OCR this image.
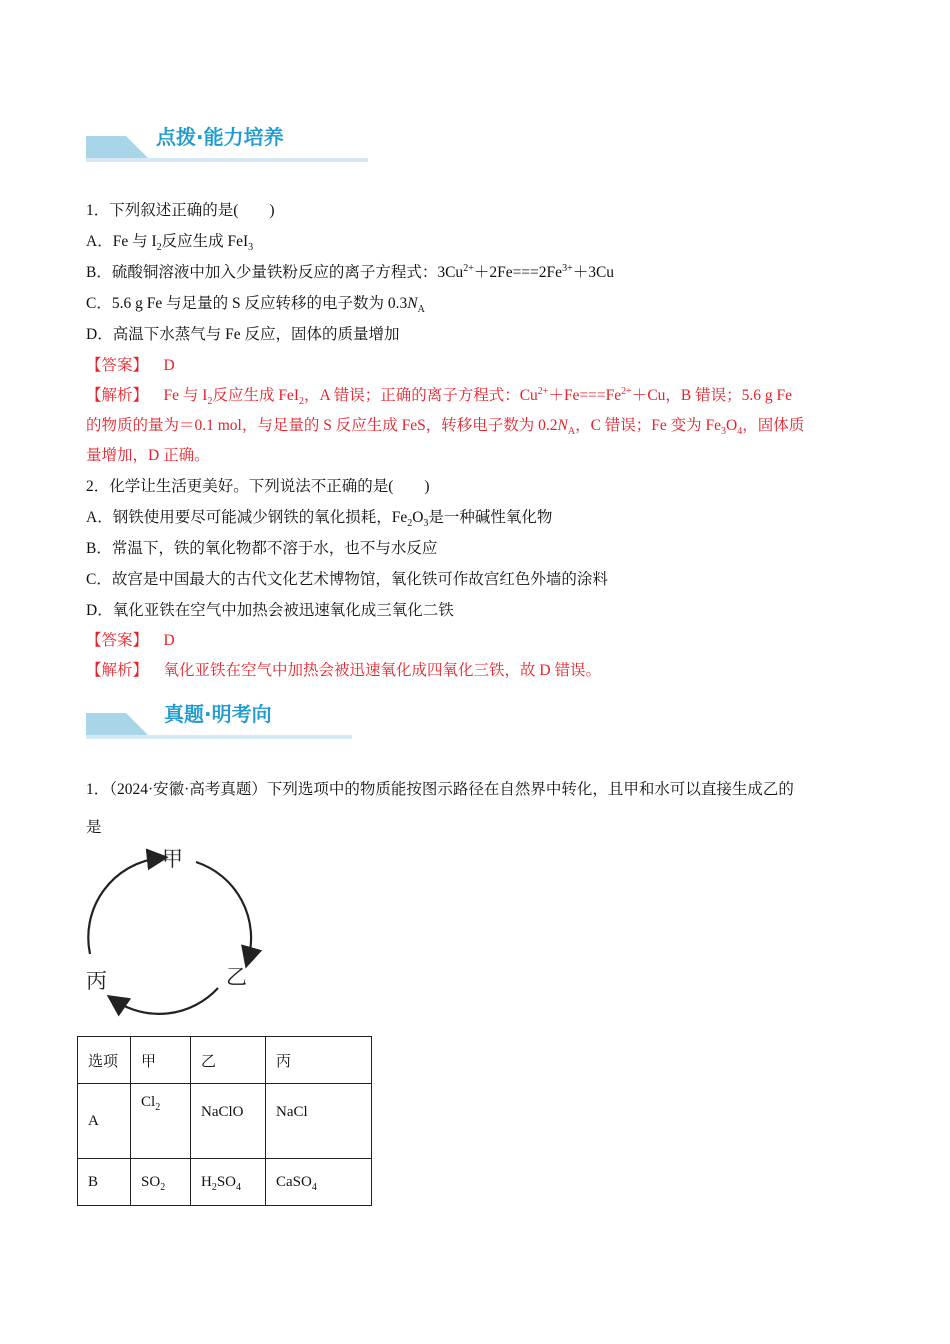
点拨·能力培养
1．下列叙述正确的是(　　)
A．Fe 与 $I_2$反应生成 FeI$_3$
B．硫酸铜溶液中加入少量铁粉反应的离子方程式：$3Cu^{2+}+2Fe===2Fe^{3+}+3Cu$
C．5.6 g Fe 与足量的 S 反应转移的电子数为 $0.3N_A$
D．高温下水蒸气与 Fe 反应，固体的质量增加
【答案】 D
【解析】 Fe 与 $I_2$反应生成 FeI$_2$，A 错误；正确的离子方程式：$Cu^{2+}+Fe===Fe^{2+}+Cu$，B 错误；5.6 g Fe
的物质的量为＝0.1 mol，与足量的 S 反应生成 FeS，转移电子数为 $0.2N_A$，C 错误；Fe 变为 $Fe_3O_4$，固体质
量增加，D 正确。
2．化学让生活更美好。下列说法不正确的是(　　)
A．钢铁使用要尽可能减少钢铁的氧化损耗，$Fe_2O_3$是一种碱性氧化物
B．常温下，铁的氧化物都不溶于水，也不与水反应
C．故宫是中国最大的古代文化艺术博物馆，氧化铁可作故宫红色外墙的涂料
D．氧化亚铁在空气中加热会被迅速氧化成三氧化二铁
【答案】 D
【解析】 氧化亚铁在空气中加热会被迅速氧化成四氧化三铁，故 D 错误。
真题·明考向
1．（2024·安徽·高考真题）下列选项中的物质能按图示路径在自然界中转化，且甲和水可以直接生成乙的
是
甲
乙
丙
选项	甲	乙	丙
A	$Cl_2$	NaClO	NaCl
B	$SO_2$	$H_2SO_4$	CaSO$_4$
